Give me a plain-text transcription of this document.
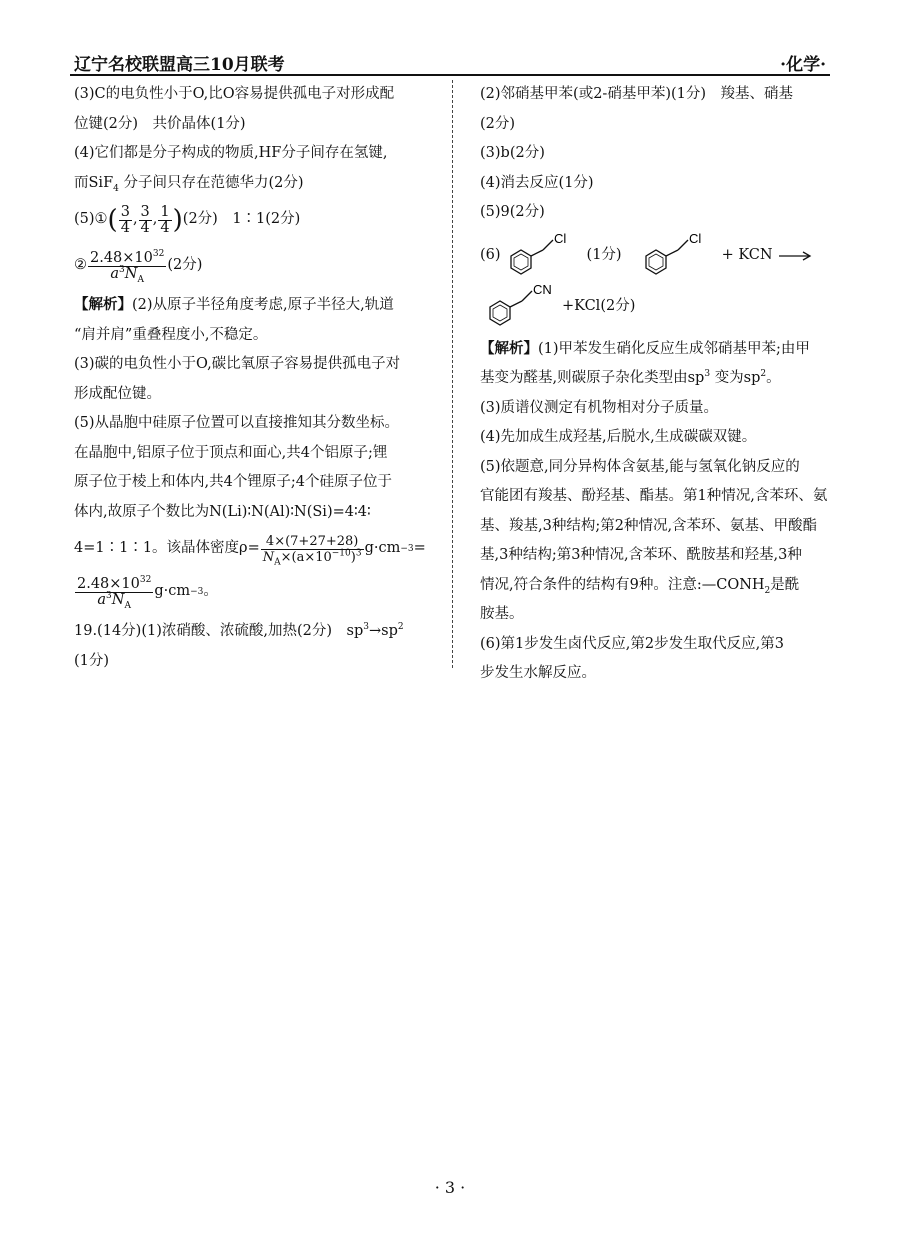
辽宁名校联盟高三10月联考	·化学·

(3)C的电负性小于O,比O容易提供孤电子对形成配

位键(2分)　共价晶体(1分)

(4)它们都是分子构成的物质,HF分子间存在氢键,

而SiF$_4$ 分子间只存在范德华力(2分)

(5)① ( $\frac{3}{4}$ , $\frac{3}{4}$ , $\frac{1}{4}$ ) (2分)　1∶1(2分)

② $\frac{2.48\times 10^{32}}{a^3N_A} (2$分)

【解析】(2)从原子半径角度考虑,原子半径大,轨道

“肩并肩”重叠程度小,不稳定。

(3)碳的电负性小于O,碳比氧原子容易提供孤电子对

形成配位键。

(5)从晶胞中硅原子位置可以直接推知其分数坐标。

在晶胞中,铝原子位于顶点和面心,共4个铝原子;锂

原子位于棱上和体内,共4个锂原子;4个硅原子位于

体内,故原子个数比为N(Li)∶N(Al)∶N(Si)=4∶4∶

4=1∶1∶1。该晶体密度$\rho= \frac{4\times(7+27+28)}{N_A\times(a\times 10^{-10})^3} g\cdot cm -3$ =

$\frac{2.48\times 10^{32}}{a^3N_A} g\cdot cm -3$ 。

19.(14分)(1)浓硝酸、浓硫酸,加热(2分)　$sp^3\to sp^2$

(1分)

(2)邻硝基甲苯(或2-硝基甲苯)(1分)　羧基、硝基

(2分)

(3)b(2分)

(4)消去反应(1分)

(5)9(2分)

(6)
Cl
(1分)
Cl
+ KCN →
CN
+KCl(2分)

【解析】(1)甲苯发生硝化反应生成邻硝基甲苯;由甲

基变为醛基,则碳原子杂化类型由$sp^3$ 变为$sp^2$。

(3)质谱仪测定有机物相对分子质量。

(4)先加成生成羟基,后脱水,生成碳碳双键。

(5)依题意,同分异构体含氨基,能与氢氧化钠反应的

官能团有羧基、酚羟基、酯基。第1种情况,含苯环、氨

基、羧基,3种结构;第2种情况,含苯环、氨基、甲酸酯

基,3种结构;第3种情况,含苯环、酰胺基和羟基,3种

情况,符合条件的结构有9种。注意$:—CONH_2$是酰

胺基。

(6)第1步发生卤代反应,第2步发生取代反应,第3

步发生水解反应。

· 3 ·
